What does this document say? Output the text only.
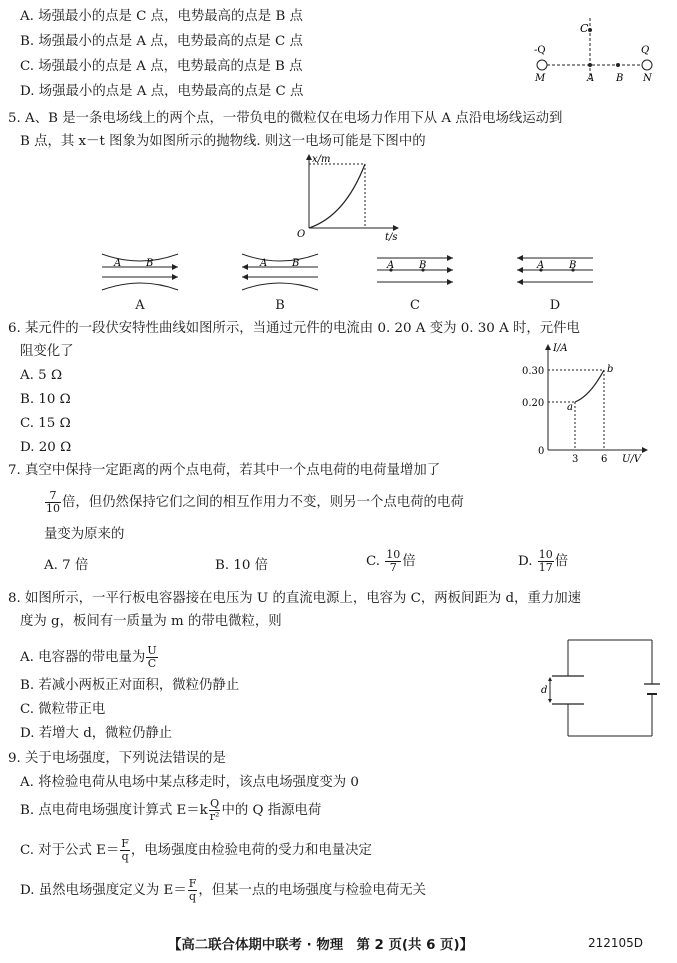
A. 场强最小的点是 C 点，电势最高的点是 B 点
B. 场强最小的点是 A 点，电势最高的点是 C 点
C. 场强最小的点是 A 点，电势最高的点是 B 点
D. 场强最小的点是 A 点，电势最高的点是 C 点
C
-Q	Q
M	A B N
5. A、B 是一条电场线上的两个点，一带负电的微粒仅在电场力作用下从 A 点沿电场线运动到
B 点，其 x－t 图象为如图所示的抛物线. 则这一电场可能是下图中的
x/m
t/s
O
A B	A B	A B	A B
A	B	C	D
6. 某元件的一段伏安特性曲线如图所示，当通过元件的电流由 0. 20 A 变为 0. 30 A 时，元件电
阻变化了
A. 5 Ω
B. 10 Ω
C. 15 Ω
D. 20 Ω
I/A
U/V
0
0.20
0.30
3 6
a
b
7. 真空中保持一定距离的两个点电荷，若其中一个点电荷的电荷量增加了
$\frac{7}{10}$ 倍，但仍然保持它们之间的相互作用力不变，则另一个点电荷的电荷
量变为原来的
A. 7 倍	B. 10 倍	C. $\frac{10}{7}$ 倍	D. $\frac{10}{17}$ 倍
8. 如图所示，一平行板电容器接在电压为 U 的直流电源上，电容为 C，两板间距为 d，重力加速
度为 g，板间有一质量为 m 的带电微粒，则
A. 电容器的带电量为 $\frac{U}{C}$
B. 若减小两板正对面积，微粒仍静止
C. 微粒带正电
D. 若增大 d，微粒仍静止
d
9. 关于电场强度，下列说法错误的是
A. 将检验电荷从电场中某点移走时，该点电场强度变为 0
B. 点电荷电场强度计算式 $E=k \frac{Q}{\text{r²}}$ 中的 Q 指源电荷
C. 对于公式 $E= \frac{F}{q}$ ，电场强度由检验电荷的受力和电量决定
D. 虽然电场强度定义为 $E= \frac{F}{q}$ ，但某一点的电场强度与检验电荷无关
【高二联合体期中联考 · 物理　第 2 页(共 6 页)】	212105D
